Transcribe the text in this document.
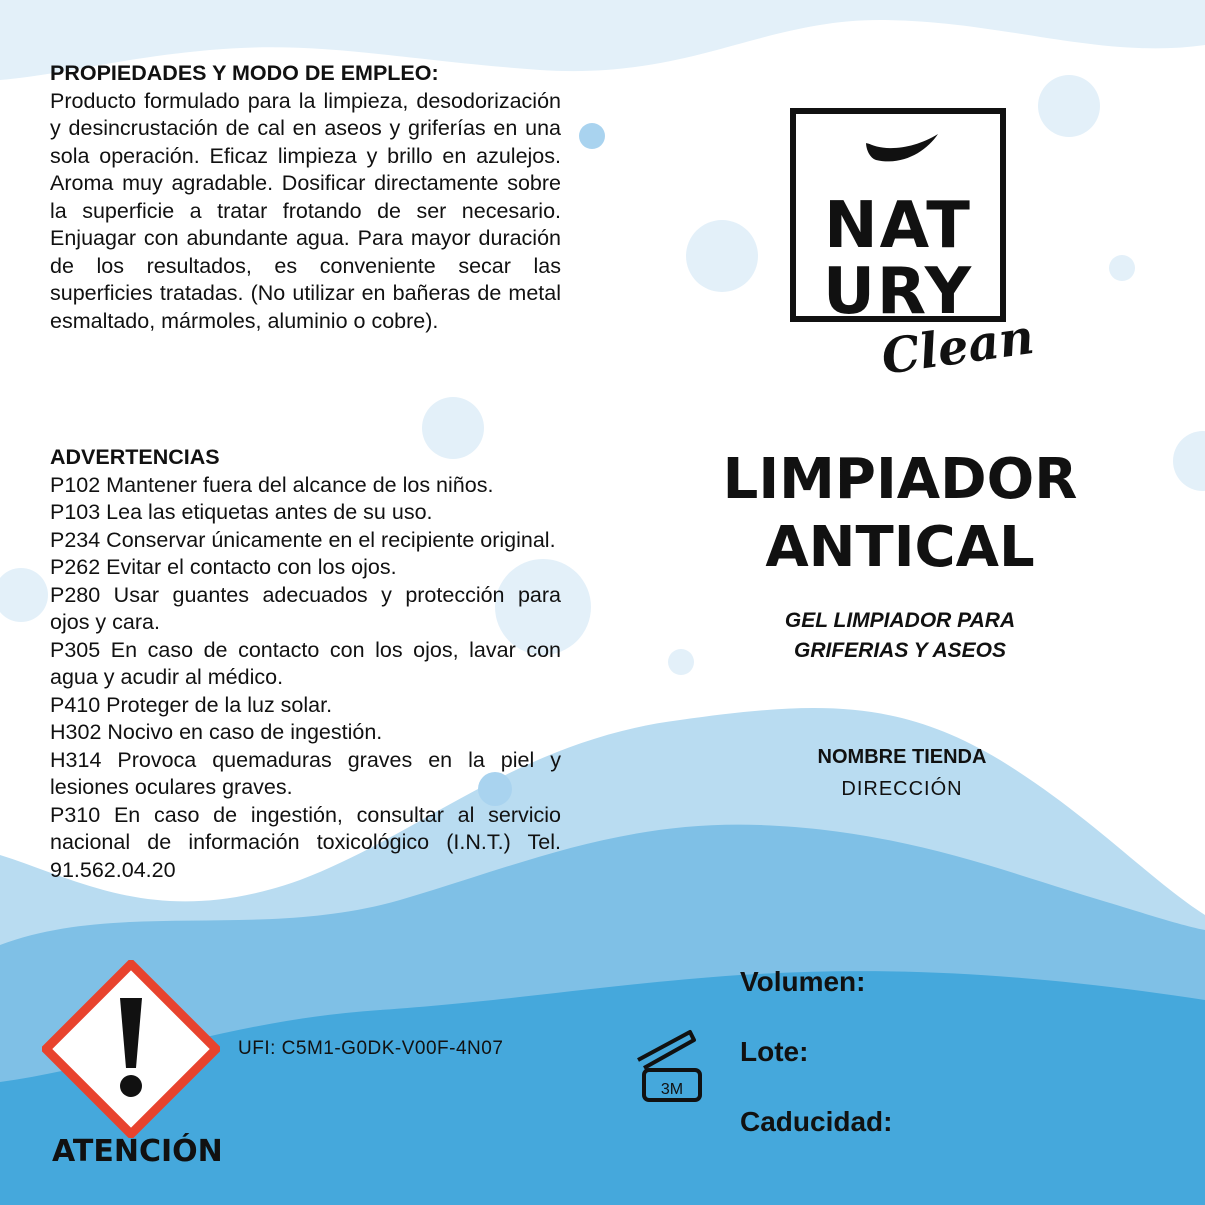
PROPIEDADES Y MODO DE EMPLEO:
Producto formulado para la limpieza, desodorización y desincrustación de cal en aseos y griferías en una sola operación. Eficaz limpieza y brillo en azulejos. Aroma muy agradable. Dosificar directamente sobre la superficie a tratar frotando de ser necesario. Enjuagar con abundante agua. Para mayor duración de los resultados, es conveniente secar las superficies tratadas. (No utilizar en bañeras de metal esmaltado, mármoles, aluminio o cobre).
ADVERTENCIAS
P102 Mantener fuera del alcance de los niños.
P103 Lea las etiquetas antes de su uso.
P234 Conservar únicamente en el recipiente original.
P262 Evitar el contacto con los ojos.
P280 Usar guantes adecuados y protección para ojos y cara.
P305 En caso de contacto con los ojos, lavar con agua y acudir al médico.
P410 Proteger de la luz solar.
H302 Nocivo en caso de ingestión.
H314 Provoca quemaduras graves en la piel y lesiones oculares graves.
P310 En caso de ingestión, consultar al servicio nacional de información toxicológico (I.N.T.) Tel. 91.562.04.20
NAT
URY
Clean
LIMPIADOR
ANTICAL
GEL LIMPIADOR PARA
GRIFERIAS Y ASEOS
NOMBRE TIENDA
DIRECCIÓN
Volumen:
Lote:
Caducidad:
3M
UFI: C5M1-G0DK-V00F-4N07
ATENCIÓN
